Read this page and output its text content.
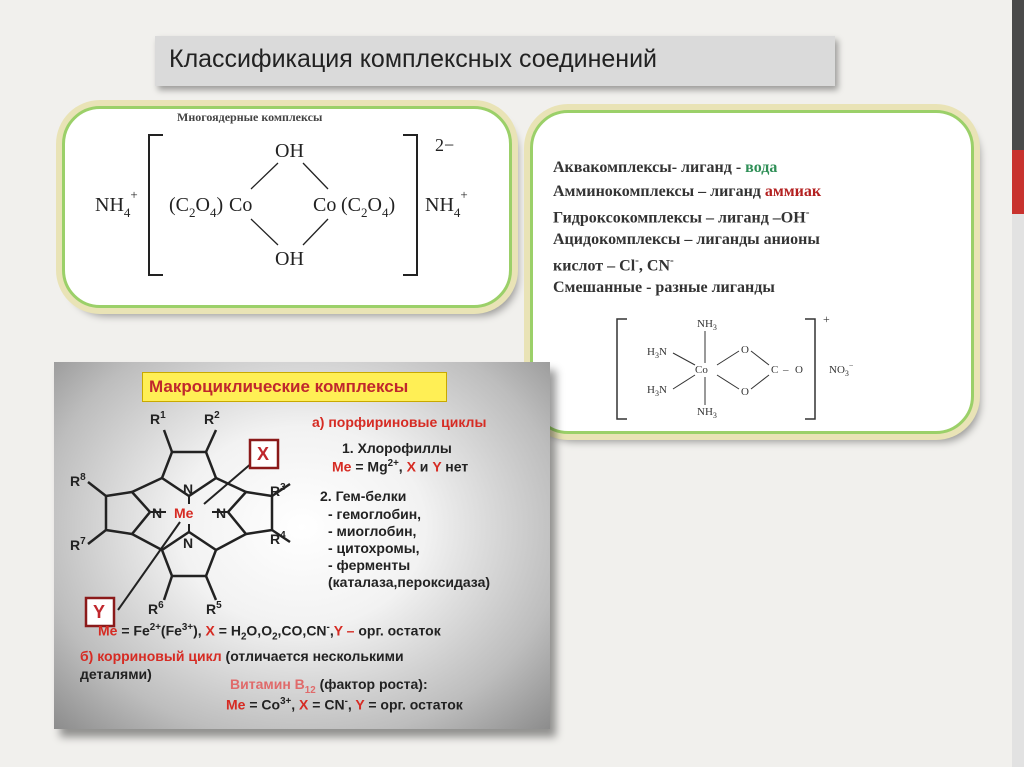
Классификация комплексных соединений
Многоядерные комплексы
$NH_4^+$ $(C_2O_4)$ Co
OH
OH
Co $(C_2O_4)$
2−
$NH_4^+$
Аквакомплексы- лиганд - вода
Амминокомплексы – лиганд аммиак
Гидроксокомплексы – лиганд –OH-
Ацидокомплексы – лиганды анионы
кислот – Cl-, CN-
Смешанные - разные лиганды
+
$NH_3$
$NH_3$
$H_3N$
$H_3N$
Co
O
O
C – O $NO_3^-$
Макроциклические комплексы
N
N	N
N
Me
$R^1$	$R^2$
$R^3$
$R^4$
$R^5$
$R^6$
$R^7$
$R^8$
X
Y
а) порфириновые циклы
1. Хлорофиллы
$Me = Mg^{2+}$, X и Y нет
2. Гем-белки
- гемоглобин,
- миоглобин,
- цитохромы,
- ферменты
(каталаза,пероксидаза)
$Me = Fe^{2+}(Fe^{3+})$, $X = H_2O,O_2,CO,CN^-,Y$ – орг. остаток
б) корриновый цикл (отличается несколькими
деталями)
Витамин $В_{12}$ (фактор роста):
$Me = Co^{3+}$, X = CN-, Y = орг. остаток
